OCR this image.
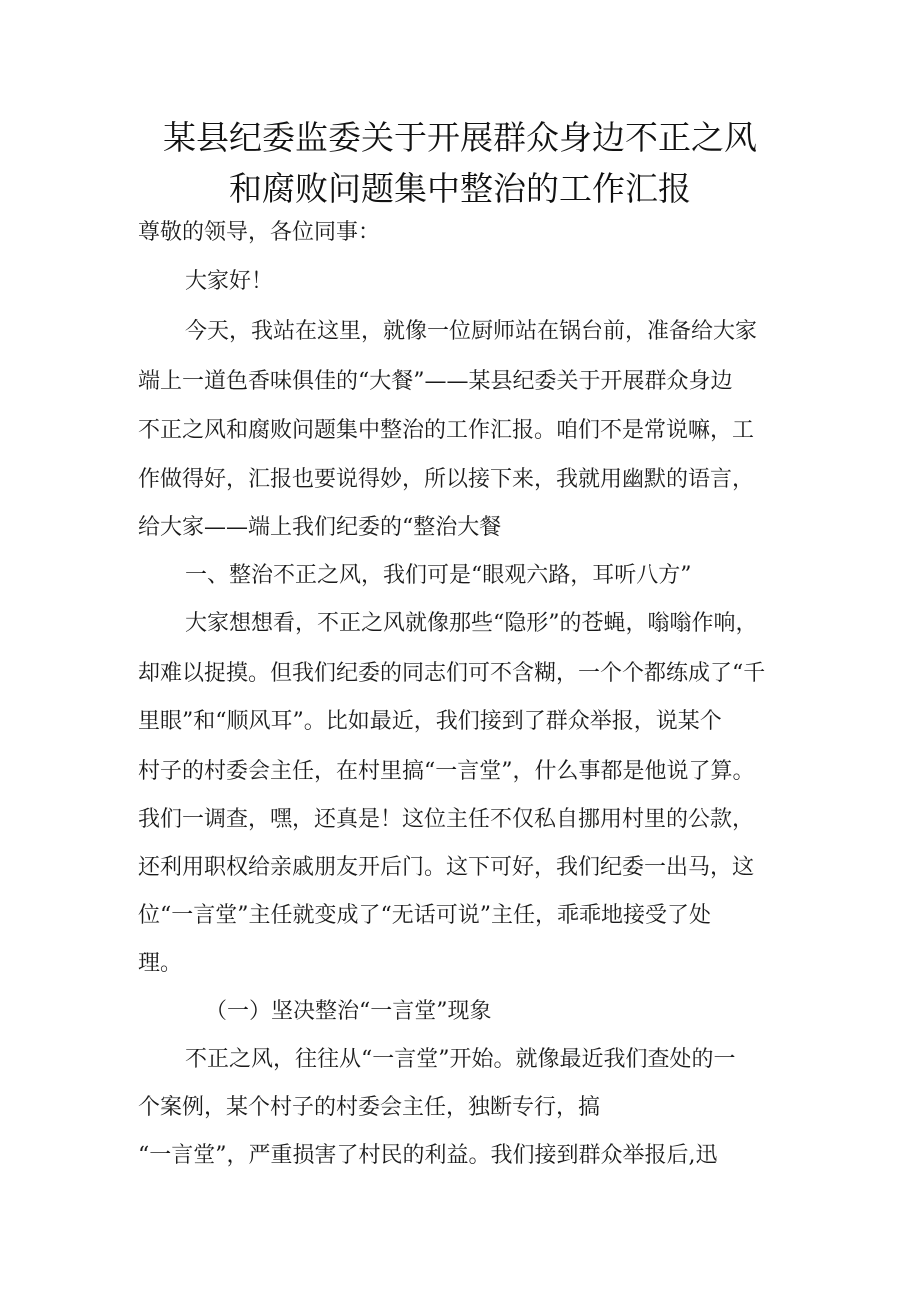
某县纪委监委关于开展群众身边不正之风
和腐败问题集中整治的工作汇报
尊敬的领导，各位同事：
大家好！
今天，我站在这里，就像一位厨师站在锅台前，准备给大家
端上一道色香味俱佳的“大餐”——某县纪委关于开展群众身边
不正之风和腐败问题集中整治的工作汇报。咱们不是常说嘛，工
作做得好，汇报也要说得妙，所以接下来，我就用幽默的语言，
给大家——端上我们纪委的“整治大餐
一、整治不正之风，我们可是“眼观六路，耳听八方”
大家想想看，不正之风就像那些“隐形”的苍蝇，嗡嗡作响，
却难以捉摸。但我们纪委的同志们可不含糊，一个个都练成了“千
里眼”和“顺风耳”。比如最近，我们接到了群众举报，说某个
村子的村委会主任，在村里搞“一言堂”，什么事都是他说了算。
我们一调查，嘿，还真是！这位主任不仅私自挪用村里的公款，
还利用职权给亲戚朋友开后门。这下可好，我们纪委一出马，这
位“一言堂”主任就变成了“无话可说”主任，乖乖地接受了处
理。
（一）坚决整治“一言堂”现象
不正之风，往往从“一言堂”开始。就像最近我们查处的一
个案例，某个村子的村委会主任，独断专行，搞
“一言堂”，严重损害了村民的利益。我们接到群众举报后,迅
